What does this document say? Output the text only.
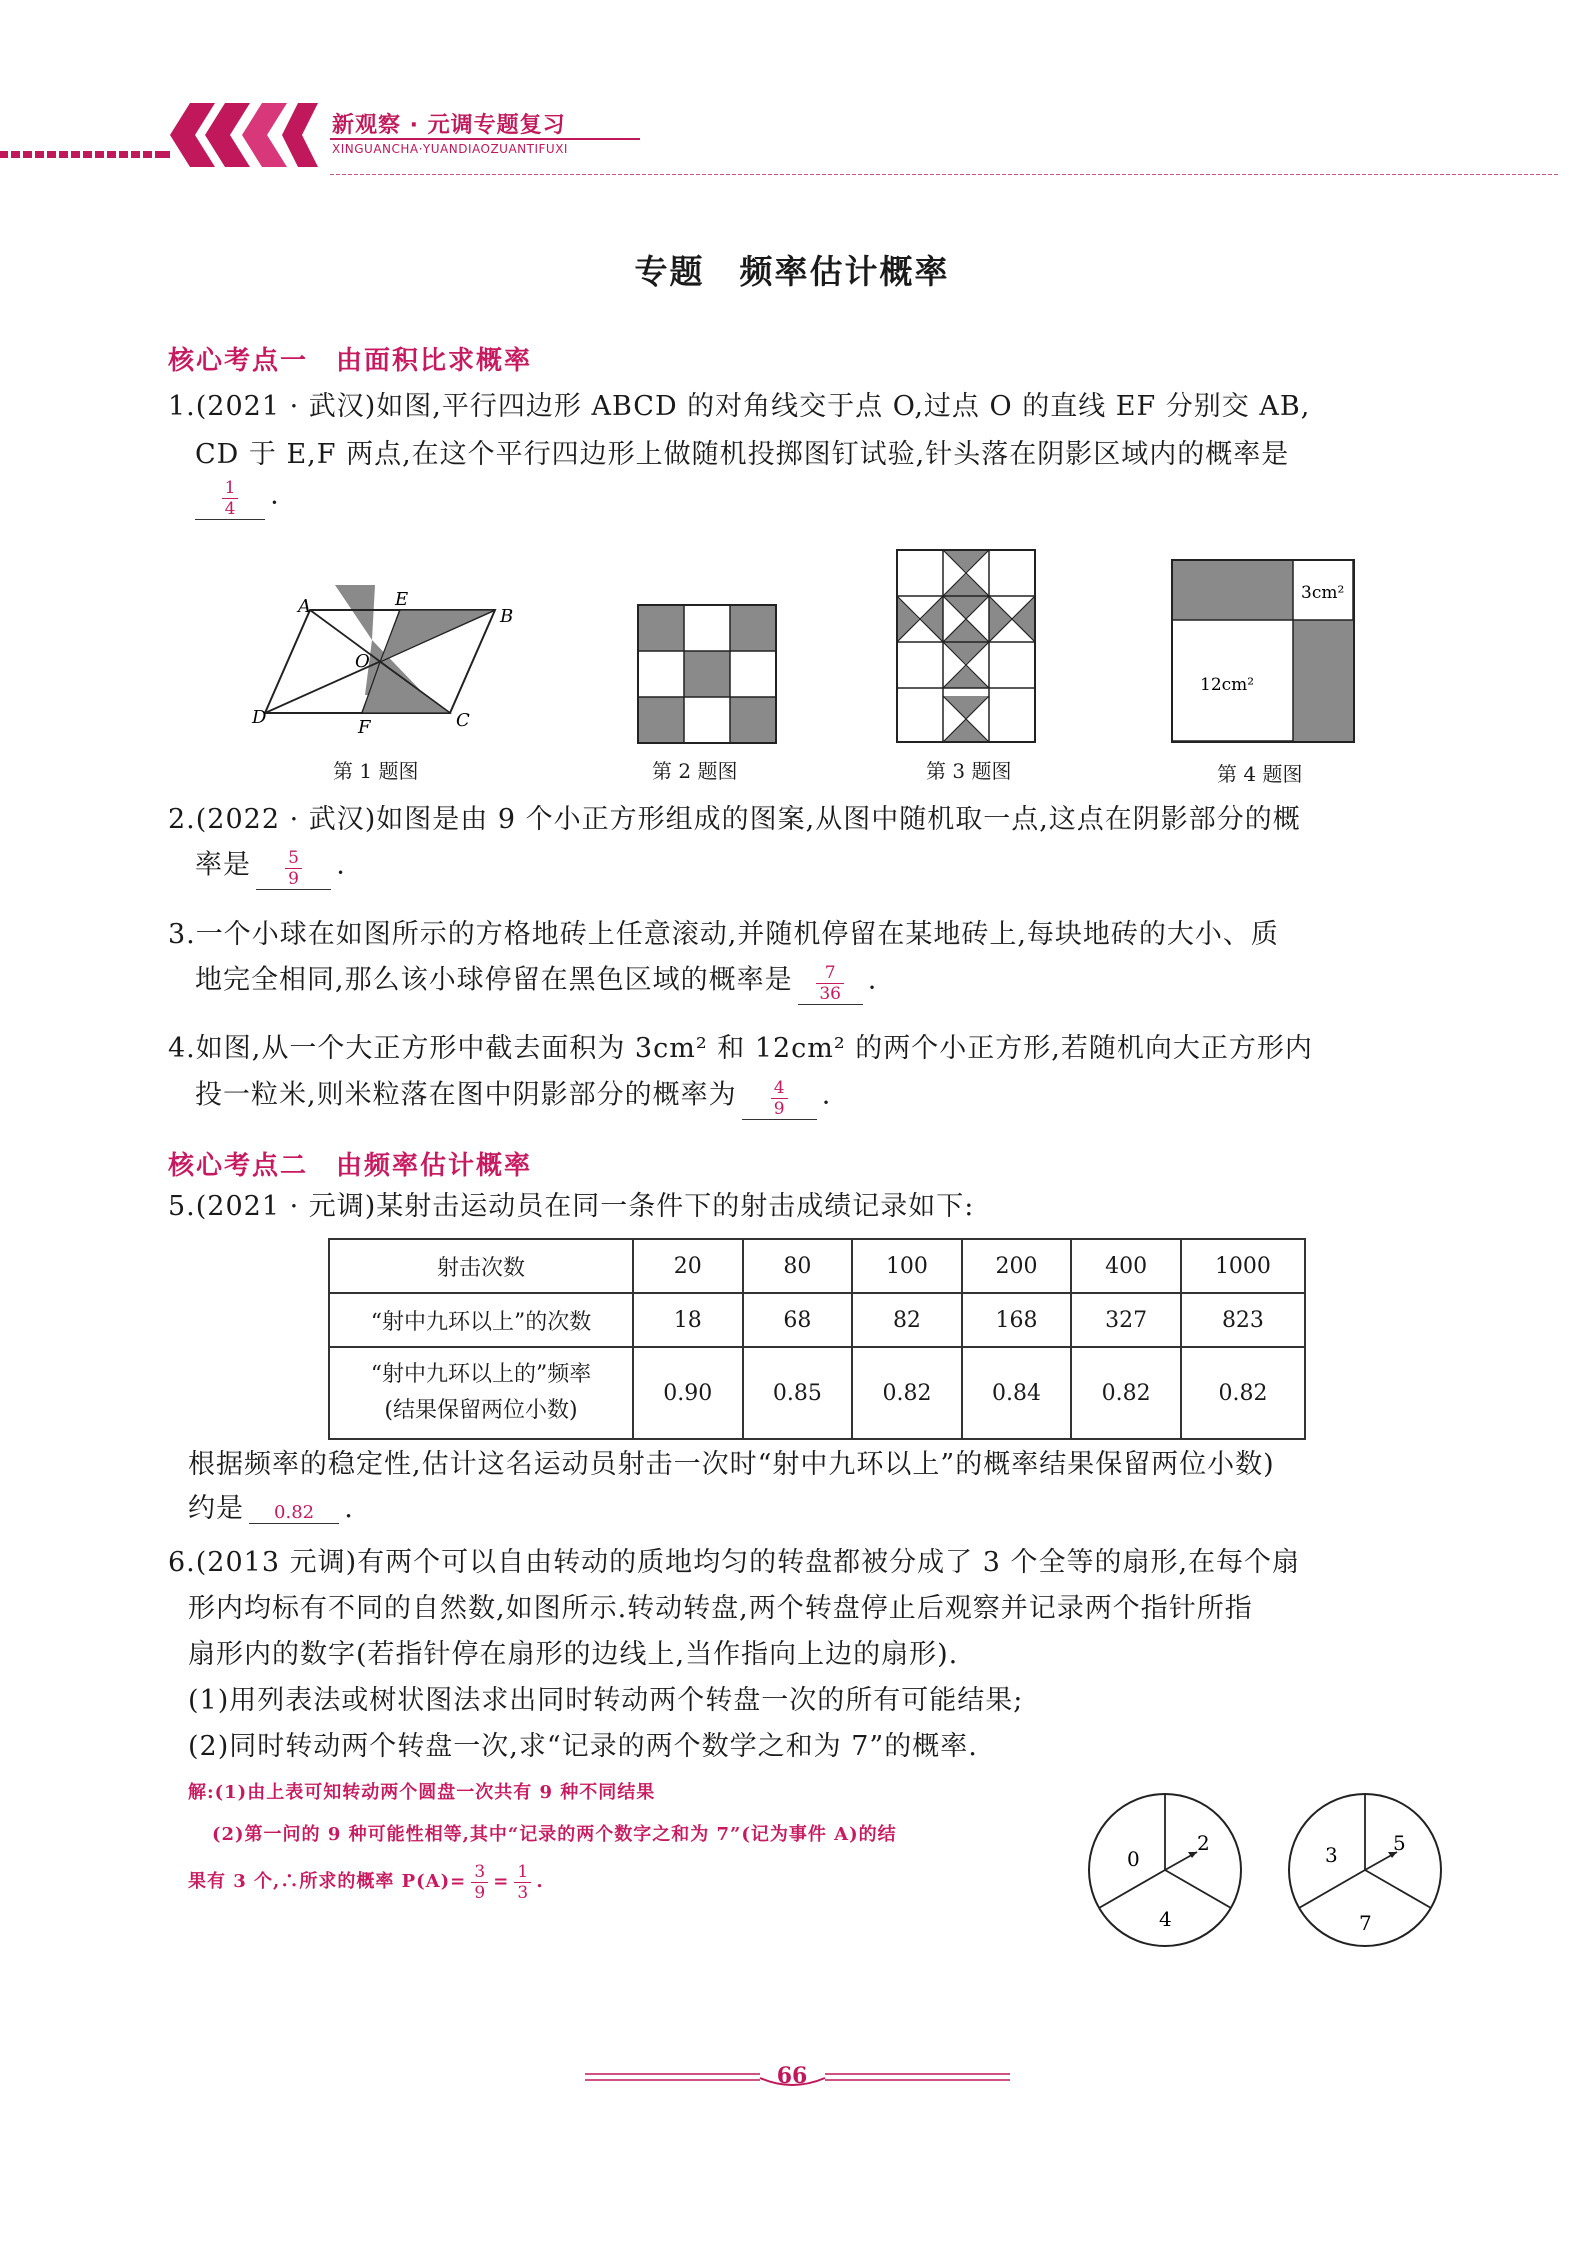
新观察 · 元调专题复习
XINGUANCHA·YUANDIAOZUANTIFUXI
专题　频率估计概率
核心考点一　由面积比求概率
1.(2021 · 武汉)如图,平行四边形 ABCD 的对角线交于点 O,过点 O 的直线 EF 分别交 AB,
CD 于 E,F 两点,在这个平行四边形上做随机投掷图钉试验,针头落在阴影区域内的概率是
$\frac{1}{4}$ .
A	B
C
D
E
F
O
第 1 题图	第 2 题图	第 3 题图
3cm²
12cm²
第 4 题图
2.(2022 · 武汉)如图是由 9 个小正方形组成的图案,从图中随机取一点,这点在阴影部分的概
率是 $\frac{5}{9}$ .
3.一个小球在如图所示的方格地砖上任意滚动,并随机停留在某地砖上,每块地砖的大小、质
地完全相同,那么该小球停留在黑色区域的概率是 $\frac{7}{36}$ .
4.如图,从一个大正方形中截去面积为 3cm² 和 12cm² 的两个小正方形,若随机向大正方形内
投一粒米,则米粒落在图中阴影部分的概率为 $\frac{4}{9}$ .
核心考点二　由频率估计概率
5.(2021 · 元调)某射击运动员在同一条件下的射击成绩记录如下:
射击次数	20	80	100	200	400	1000
“射中九环以上”的次数	18	68	82	168	327	823

“射中九环以上的”频率
(结果保留两位小数)	0.90	0.85	0.82	0.84	0.82	0.82
根据频率的稳定性,估计这名运动员射击一次时“射中九环以上”的概率结果保留两位小数)
约是 0.82 .
6.(2013 元调)有两个可以自由转动的质地均匀的转盘都被分成了 3 个全等的扇形,在每个扇
形内均标有不同的自然数,如图所示.转动转盘,两个转盘停止后观察并记录两个指针所指
扇形内的数字(若指针停在扇形的边线上,当作指向上边的扇形).
(1)用列表法或树状图法求出同时转动两个转盘一次的所有可能结果;
(2)同时转动两个转盘一次,求“记录的两个数学之和为 7”的概率.
解:(1)由上表可知转动两个圆盘一次共有 9 种不同结果
(2)第一问的 9 种可能性相等,其中“记录的两个数字之和为 7”(记为事件 A)的结
果有 3 个,∴所求的概率 $P(A)= \frac{3}{9} = \frac{1}{3}$ .
0
2
4
3	5
7
66
